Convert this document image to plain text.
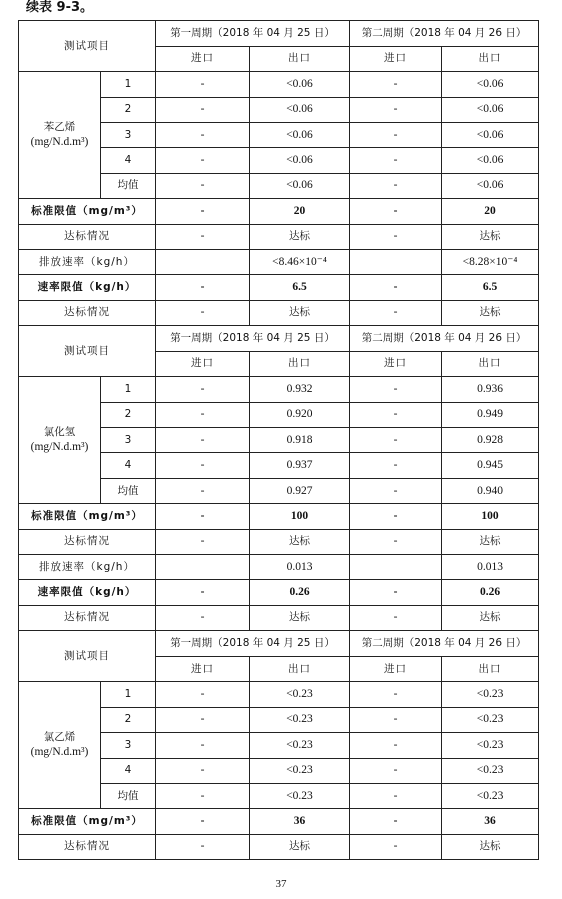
续表 9-3。
测试项目		第一周期（2018 年 04 月 25 日）		第二周期（2018 年 04 月 26 日）	
		进口	出口	进口	出口

苯乙烯
(mg/N.d.m³)	1	-	<0.06	-	<0.06
	2	-	<0.06	-	<0.06
	3	-	<0.06	-	<0.06
	4	-	<0.06	-	<0.06
	均值	-	<0.06	-	<0.06
标准限值（mg/m³）		-	20	-	20
达标情况		-	达标	-	达标
排放速率（kg/h）			<8.46×10⁻⁴		<8.28×10⁻⁴
速率限值（kg/h）		-	6.5	-	6.5
达标情况		-	达标	-	达标
测试项目		第一周期（2018 年 04 月 25 日）		第二周期（2018 年 04 月 26 日）	
		进口	出口	进口	出口

氯化氢
(mg/N.d.m³)	1	-	0.932	-	0.936
	2	-	0.920	-	0.949
	3	-	0.918	-	0.928
	4	-	0.937	-	0.945
	均值	-	0.927	-	0.940
标准限值（mg/m³）		-	100	-	100
达标情况		-	达标	-	达标
排放速率（kg/h）			0.013		0.013
速率限值（kg/h）		-	0.26	-	0.26
达标情况		-	达标	-	达标
测试项目		第一周期（2018 年 04 月 25 日）		第二周期（2018 年 04 月 26 日）	
		进口	出口	进口	出口

氯乙烯
(mg/N.d.m³)	1	-	<0.23	-	<0.23
	2	-	<0.23	-	<0.23
	3	-	<0.23	-	<0.23
	4	-	<0.23	-	<0.23
	均值	-	<0.23	-	<0.23
标准限值（mg/m³）		-	36	-	36
达标情况		-	达标	-	达标
37
